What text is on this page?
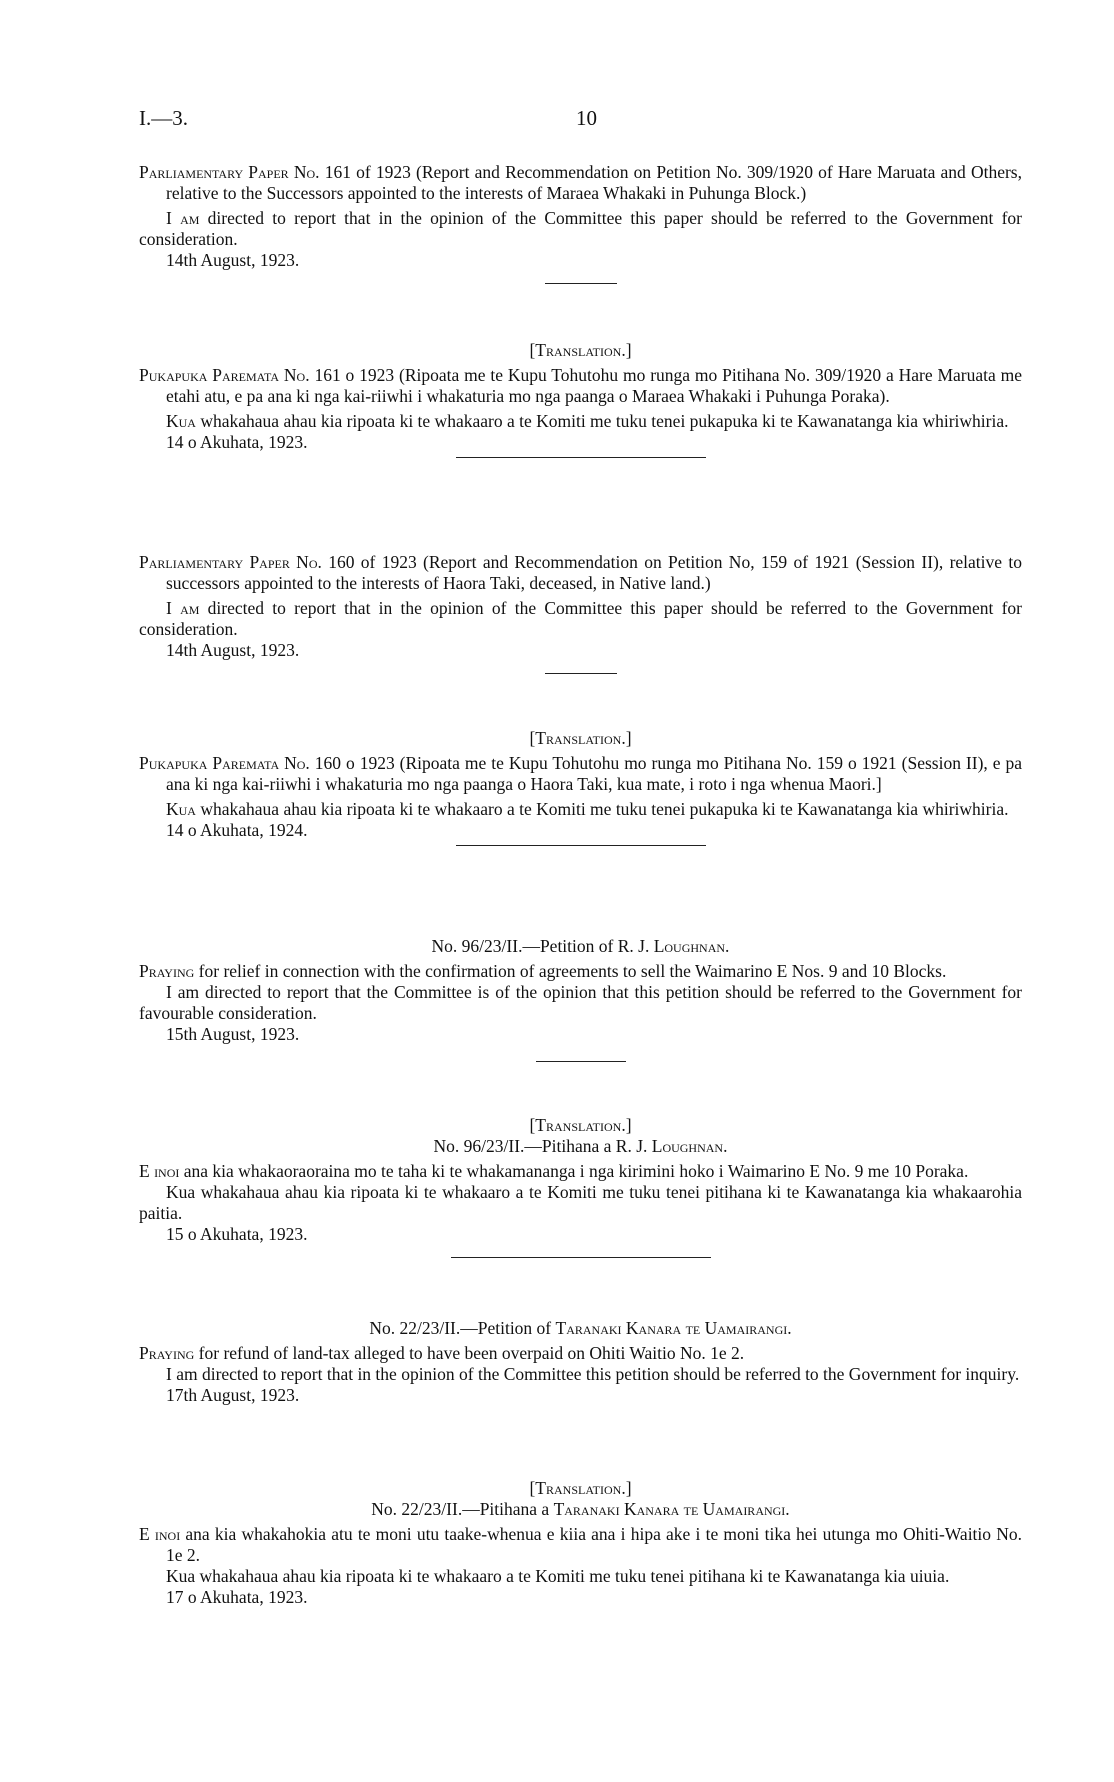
I.—3.	10

Parliamentary Paper No. 161 of 1923 (Report and Recommendation on Petition No. 309/1920 of Hare Maruata and Others, relative to the Successors appointed to the interests of Maraea Whakaki in Puhunga Block.)

I am directed to report that in the opinion of the Committee this paper should be referred to the Government for consideration.

14th August, 1923.

[Translation.]

Pukapuka Paremata No. 161 o 1923 (Ripoata me te Kupu Tohutohu mo runga mo Pitihana No. 309/1920 a Hare Maruata me etahi atu, e pa ana ki nga kai-riiwhi i whakaturia mo nga paanga o Maraea Whakaki i Puhunga Poraka).

Kua whakahaua ahau kia ripoata ki te whakaaro a te Komiti me tuku tenei pukapuka ki te Kawanatanga kia whiriwhiria.

14 o Akuhata, 1923.

Parliamentary Paper No. 160 of 1923 (Report and Recommendation on Petition No, 159 of 1921 (Session II), relative to successors appointed to the interests of Haora Taki, deceased, in Native land.)

I am directed to report that in the opinion of the Committee this paper should be referred to the Government for consideration.

14th August, 1923.

[Translation.]

Pukapuka Paremata No. 160 o 1923 (Ripoata me te Kupu Tohutohu mo runga mo Pitihana No. 159 o 1921 (Session II), e pa ana ki nga kai-riiwhi i whakaturia mo nga paanga o Haora Taki, kua mate, i roto i nga whenua Maori.]

Kua whakahaua ahau kia ripoata ki te whakaaro a te Komiti me tuku tenei pukapuka ki te Kawanatanga kia whiriwhiria.

14 o Akuhata, 1924.

No. 96/23/II.—Petition of R. J. Loughnan.

Praying for relief in connection with the confirmation of agreements to sell the Waimarino E Nos. 9 and 10 Blocks.

I am directed to report that the Committee is of the opinion that this petition should be referred to the Government for favourable consideration.

15th August, 1923.

[Translation.]

No. 96/23/II.—Pitihana a R. J. Loughnan.

E inoi ana kia whakaoraoraina mo te taha ki te whakamananga i nga kirimini hoko i Waimarino E No. 9 me 10 Poraka.

Kua whakahaua ahau kia ripoata ki te whakaaro a te Komiti me tuku tenei pitihana ki te Kawanatanga kia whakaarohia paitia.

15 o Akuhata, 1923.

No. 22/23/II.—Petition of Taranaki Kanara te Uamairangi.

Praying for refund of land-tax alleged to have been overpaid on Ohiti Waitio No. 1e 2.

I am directed to report that in the opinion of the Committee this petition should be referred to the Government for inquiry.

17th August, 1923.

[Translation.]

No. 22/23/II.—Pitihana a Taranaki Kanara te Uamairangi.

E inoi ana kia whakahokia atu te moni utu taake-whenua e kiia ana i hipa ake i te moni tika hei utunga mo Ohiti-Waitio No. 1e 2.

Kua whakahaua ahau kia ripoata ki te whakaaro a te Komiti me tuku tenei pitihana ki te Kawanatanga kia uiuia.

17 o Akuhata, 1923.
